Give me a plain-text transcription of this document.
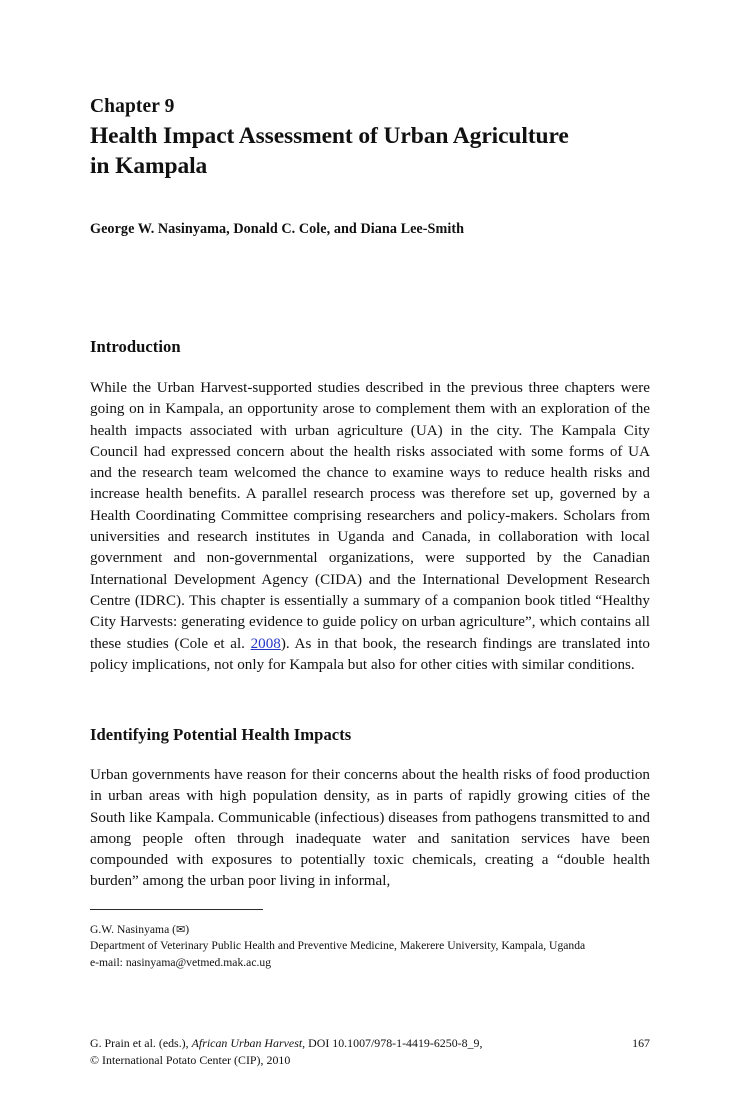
Chapter 9
Health Impact Assessment of Urban Agriculture
in Kampala
George W. Nasinyama, Donald C. Cole, and Diana Lee-Smith
Introduction
While the Urban Harvest-supported studies described in the previous three chapters were going on in Kampala, an opportunity arose to complement them with an exploration of the health impacts associated with urban agriculture (UA) in the city. The Kampala City Council had expressed concern about the health risks associated with some forms of UA and the research team welcomed the chance to examine ways to reduce health risks and increase health benefits. A parallel research process was therefore set up, governed by a Health Coordinating Committee comprising researchers and policy-makers. Scholars from universities and research institutes in Uganda and Canada, in collaboration with local government and non-governmental organizations, were supported by the Canadian International Development Agency (CIDA) and the International Development Research Centre (IDRC). This chapter is essentially a summary of a companion book titled “Healthy City Harvests: generating evidence to guide policy on urban agriculture”, which contains all these studies (Cole et al. 2008). As in that book, the research findings are translated into policy implications, not only for Kampala but also for other cities with similar conditions.
Identifying Potential Health Impacts
Urban governments have reason for their concerns about the health risks of food production in urban areas with high population density, as in parts of rapidly growing cities of the South like Kampala. Communicable (infectious) diseases from pathogens transmitted to and among people often through inadequate water and sanitation services have been compounded with exposures to potentially toxic chemicals, creating a “double health burden” among the urban poor living in informal,
G.W. Nasinyama (✉)
Department of Veterinary Public Health and Preventive Medicine, Makerere University, Kampala, Uganda
e-mail: nasinyama@vetmed.mak.ac.ug
G. Prain et al. (eds.), African Urban Harvest, DOI 10.1007/978-1-4419-6250-8_9,	167
© International Potato Center (CIP), 2010
